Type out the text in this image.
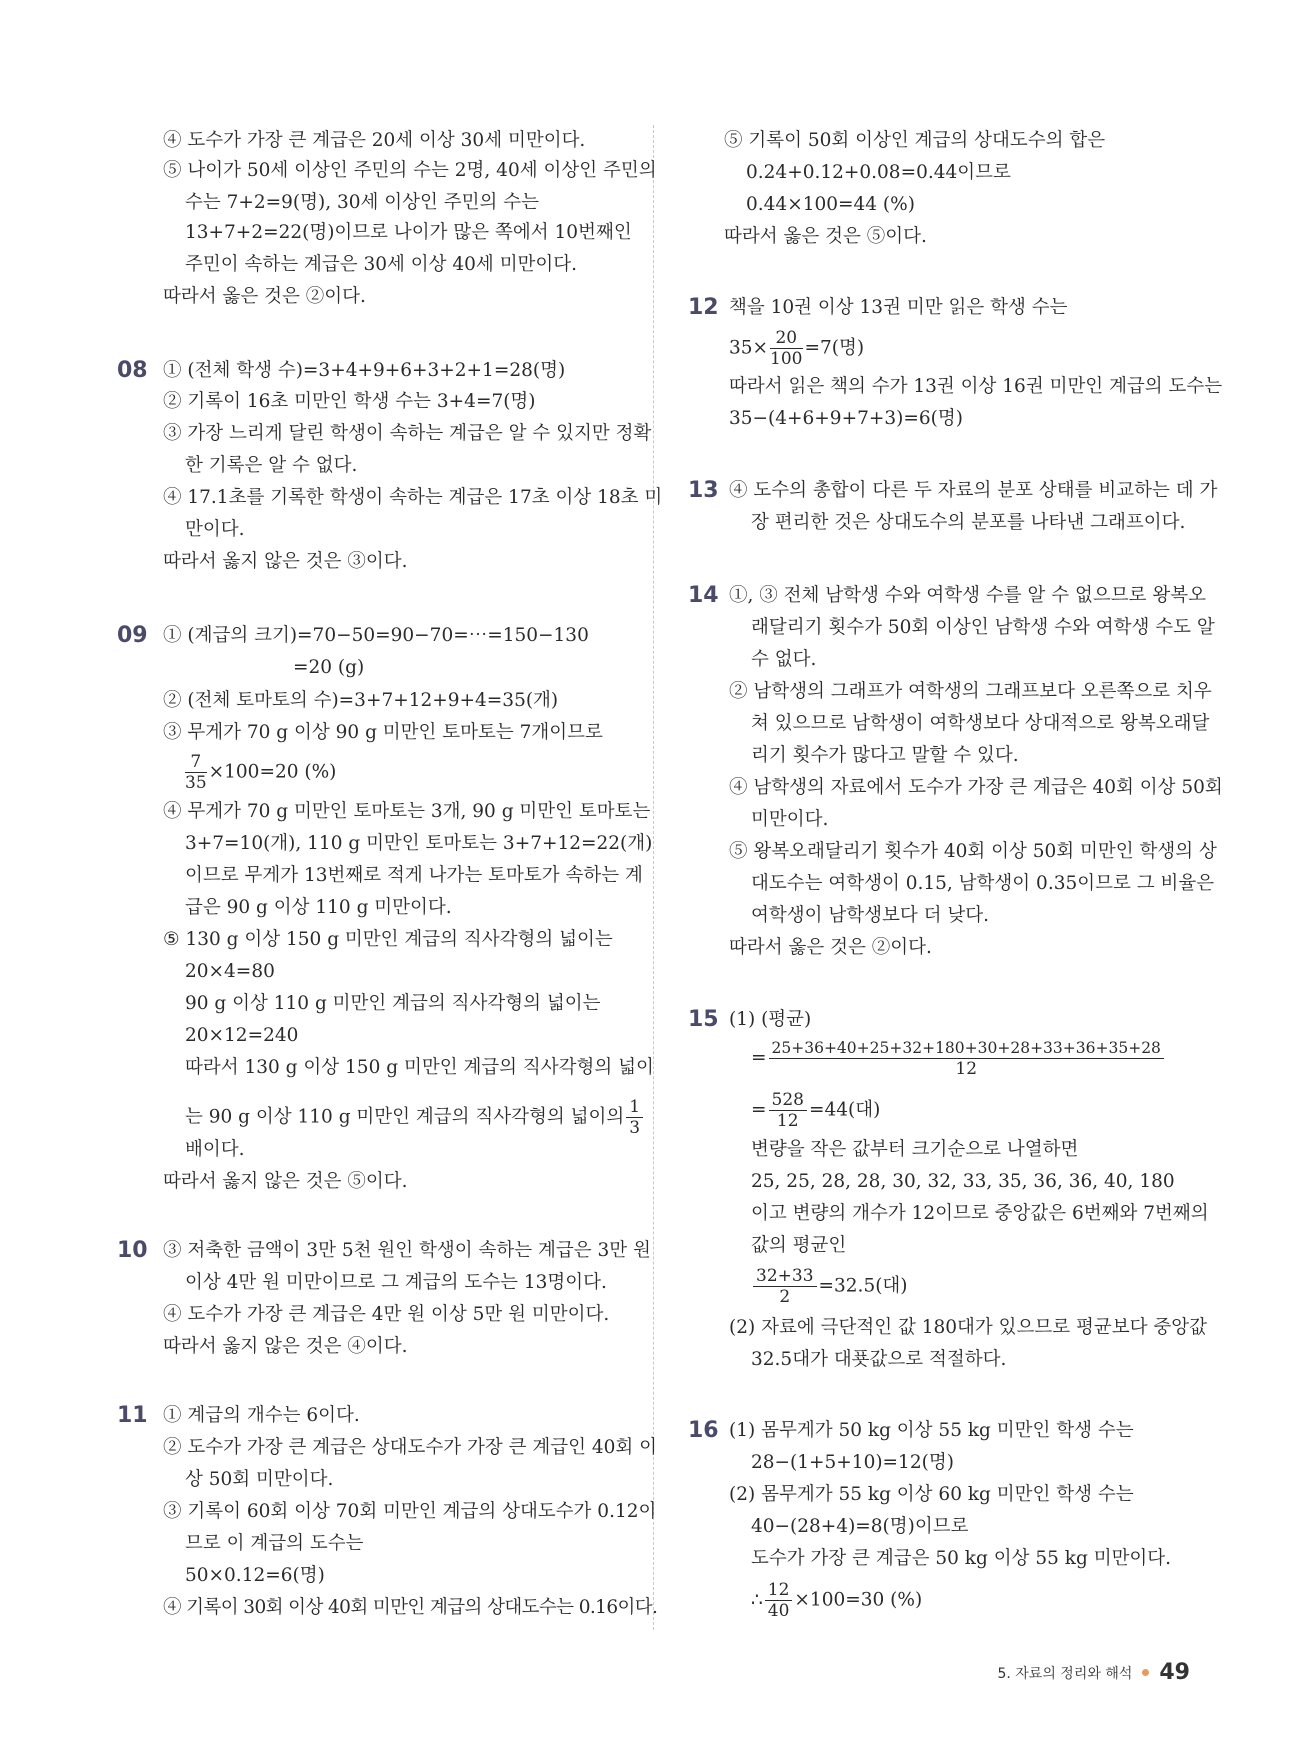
④ 도수가 가장 큰 계급은 20세 이상 30세 미만이다.
⑤ 나이가 50세 이상인 주민의 수는 2명, 40세 이상인 주민의
수는 7+2=9(명), 30세 이상인 주민의 수는
13+7+2=22(명)이므로 나이가 많은 쪽에서 10번째인
주민이 속하는 계급은 30세 이상 40세 미만이다.
따라서 옳은 것은 ②이다.
08 ① (전체 학생 수)=3+4+9+6+3+2+1=28(명)
② 기록이 16초 미만인 학생 수는 3+4=7(명)
③ 가장 느리게 달린 학생이 속하는 계급은 알 수 있지만 정확
한 기록은 알 수 없다.
④ 17.1초를 기록한 학생이 속하는 계급은 17초 이상 18초 미
만이다.
따라서 옳지 않은 것은 ③이다.
09 ① (계급의 크기)=70−50=90−70=⋯=150−130
=20 (g)
② (전체 토마토의 수)=3+7+12+9+4=35(개)
③ 무게가 70 g 이상 90 g 미만인 토마토는 7개이므로
$\frac{7}{35} \times 100=20$ (%)
④ 무게가 70 g 미만인 토마토는 3개, 90 g 미만인 토마토는
3+7=10(개), 110 g 미만인 토마토는 3+7+12=22(개)
이므로 무게가 13번째로 적게 나가는 토마토가 속하는 계
급은 90 g 이상 110 g 미만이다.
⑤ 130 g 이상 150 g 미만인 계급의 직사각형의 넓이는
20×4=80
90 g 이상 110 g 미만인 계급의 직사각형의 넓이는
20×12=240
따라서 130 g 이상 150 g 미만인 계급의 직사각형의 넓이
는 90 g 이상 110 g 미만인 계급의 직사각형의 넓이의 $\frac{1}{3}$
배이다.
따라서 옳지 않은 것은 ⑤이다.
10 ③ 저축한 금액이 3만 5천 원인 학생이 속하는 계급은 3만 원
이상 4만 원 미만이므로 그 계급의 도수는 13명이다.
④ 도수가 가장 큰 계급은 4만 원 이상 5만 원 미만이다.
따라서 옳지 않은 것은 ④이다.
11 ① 계급의 개수는 6이다.
② 도수가 가장 큰 계급은 상대도수가 가장 큰 계급인 40회 이
상 50회 미만이다.
③ 기록이 60회 이상 70회 미만인 계급의 상대도수가 0.12이
므로 이 계급의 도수는
50×0.12=6(명)
④ 기록이 30회 이상 40회 미만인 계급의 상대도수는 0.16이다.
⑤ 기록이 50회 이상인 계급의 상대도수의 합은
0.24+0.12+0.08=0.44이므로
0.44×100=44 (%)
따라서 옳은 것은 ⑤이다.
12 책을 10권 이상 13권 미만 읽은 학생 수는
$35\times \frac{20}{100} =7$(명)
따라서 읽은 책의 수가 13권 이상 16권 미만인 계급의 도수는
35−(4+6+9+7+3)=6(명)
13 ④ 도수의 총합이 다른 두 자료의 분포 상태를 비교하는 데 가
장 편리한 것은 상대도수의 분포를 나타낸 그래프이다.
14 ①, ③ 전체 남학생 수와 여학생 수를 알 수 없으므로 왕복오
래달리기 횟수가 50회 이상인 남학생 수와 여학생 수도 알
수 없다.
② 남학생의 그래프가 여학생의 그래프보다 오른쪽으로 치우
쳐 있으므로 남학생이 여학생보다 상대적으로 왕복오래달
리기 횟수가 많다고 말할 수 있다.
④ 남학생의 자료에서 도수가 가장 큰 계급은 40회 이상 50회
미만이다.
⑤ 왕복오래달리기 횟수가 40회 이상 50회 미만인 학생의 상
대도수는 여학생이 0.15, 남학생이 0.35이므로 그 비율은
여학생이 남학생보다 더 낮다.
따라서 옳은 것은 ②이다.
15 (1) (평균)
= $\frac{25+36+40+25+32+180+30+28+33+36+35+28}{12}$
= $\frac{528}{12} =44$(대)
변량을 작은 값부터 크기순으로 나열하면
25, 25, 28, 28, 30, 32, 33, 35, 36, 36, 40, 180
이고 변량의 개수가 12이므로 중앙값은 6번째와 7번째의
값의 평균인
$\frac{32+33}{2} =32.5$(대)
(2) 자료에 극단적인 값 180대가 있으므로 평균보다 중앙값
32.5대가 대푯값으로 적절하다.
16 (1) 몸무게가 50 kg 이상 55 kg 미만인 학생 수는
28−(1+5+10)=12(명)
(2) 몸무게가 55 kg 이상 60 kg 미만인 학생 수는
40−(28+4)=8(명)이므로
도수가 가장 큰 계급은 50 kg 이상 55 kg 미만이다.
∴ $\frac{12}{40} \times 100=30$ (%)
5. 자료의 정리와 해석 49
